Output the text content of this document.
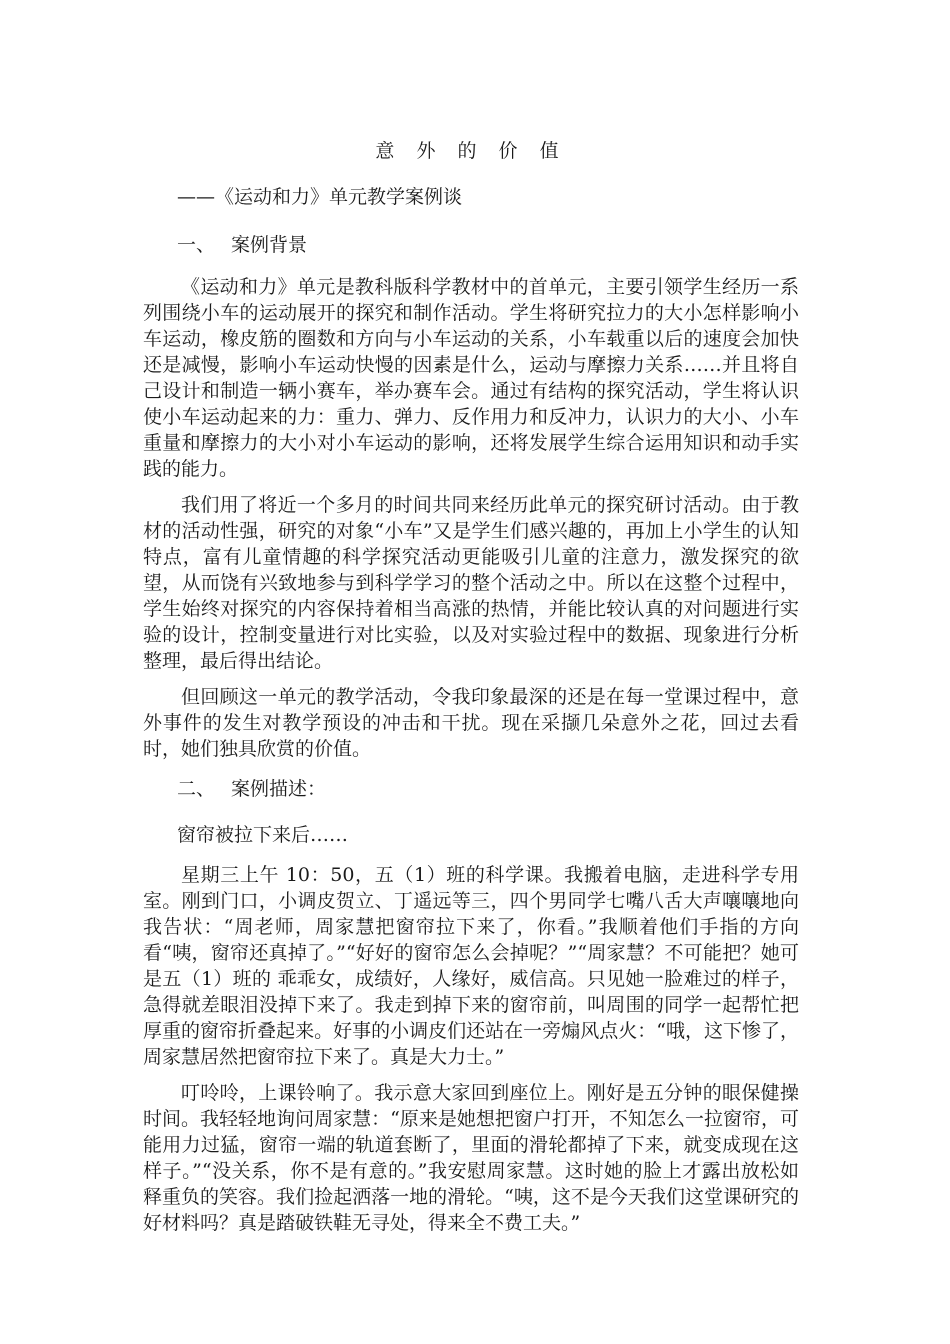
意 外 的 价 值
——《运动和力》单元教学案例谈
一、 案例背景

《运动和力》单元是教科版科学教材中的首单元，主要引领学生经历一系列围绕小车的运动展开的探究和制作活动。学生将研究拉力的大小怎样影响小车运动，橡皮筋的圈数和方向与小车运动的关系，小车载重以后的速度会加快还是减慢，影响小车运动快慢的因素是什么，运动与摩擦力关系……并且将自己设计和制造一辆小赛车，举办赛车会。通过有结构的探究活动，学生将认识使小车运动起来的力：重力、弹力、反作用力和反冲力，认识力的大小、小车重量和摩擦力的大小对小车运动的影响，还将发展学生综合运用知识和动手实践的能力。

我们用了将近一个多月的时间共同来经历此单元的探究研讨活动。由于教材的活动性强，研究的对象“小车”又是学生们感兴趣的，再加上小学生的认知特点，富有儿童情趣的科学探究活动更能吸引儿童的注意力，激发探究的欲望，从而饶有兴致地参与到科学学习的整个活动之中。所以在这整个过程中，学生始终对探究的内容保持着相当高涨的热情，并能比较认真的对问题进行实验的设计，控制变量进行对比实验，以及对实验过程中的数据、现象进行分析整理，最后得出结论。

但回顾这一单元的教学活动，令我印象最深的还是在每一堂课过程中，意外事件的发生对教学预设的冲击和干扰。现在采撷几朵意外之花，回过去看时，她们独具欣赏的价值。

二、 案例描述：
窗帘被拉下来后……

星期三上午 10：50，五（1）班的科学课。我搬着电脑，走进科学专用室。刚到门口，小调皮贺立、丁遥远等三，四个男同学七嘴八舌大声嚷嚷地向我告状：“周老师，周家慧把窗帘拉下来了，你看。”我顺着他们手指的方向看“咦，窗帘还真掉了。”“好好的窗帘怎么会掉呢？”“周家慧？不可能把？她可是五（1）班的 乖乖女，成绩好，人缘好，威信高。只见她一脸难过的样子，急得就差眼泪没掉下来了。我走到掉下来的窗帘前，叫周围的同学一起帮忙把厚重的窗帘折叠起来。好事的小调皮们还站在一旁煽风点火：“哦，这下惨了，周家慧居然把窗帘拉下来了。真是大力士。”

叮呤呤，上课铃响了。我示意大家回到座位上。刚好是五分钟的眼保健操时间。我轻轻地询问周家慧：“原来是她想把窗户打开，不知怎么一拉窗帘，可能用力过猛，窗帘一端的轨道套断了，里面的滑轮都掉了下来，就变成现在这样子。”“没关系，你不是有意的。”我安慰周家慧。这时她的脸上才露出放松如释重负的笑容。我们捡起洒落一地的滑轮。“咦，这不是今天我们这堂课研究的好材料吗？真是踏破铁鞋无寻处，得来全不费工夫。”
